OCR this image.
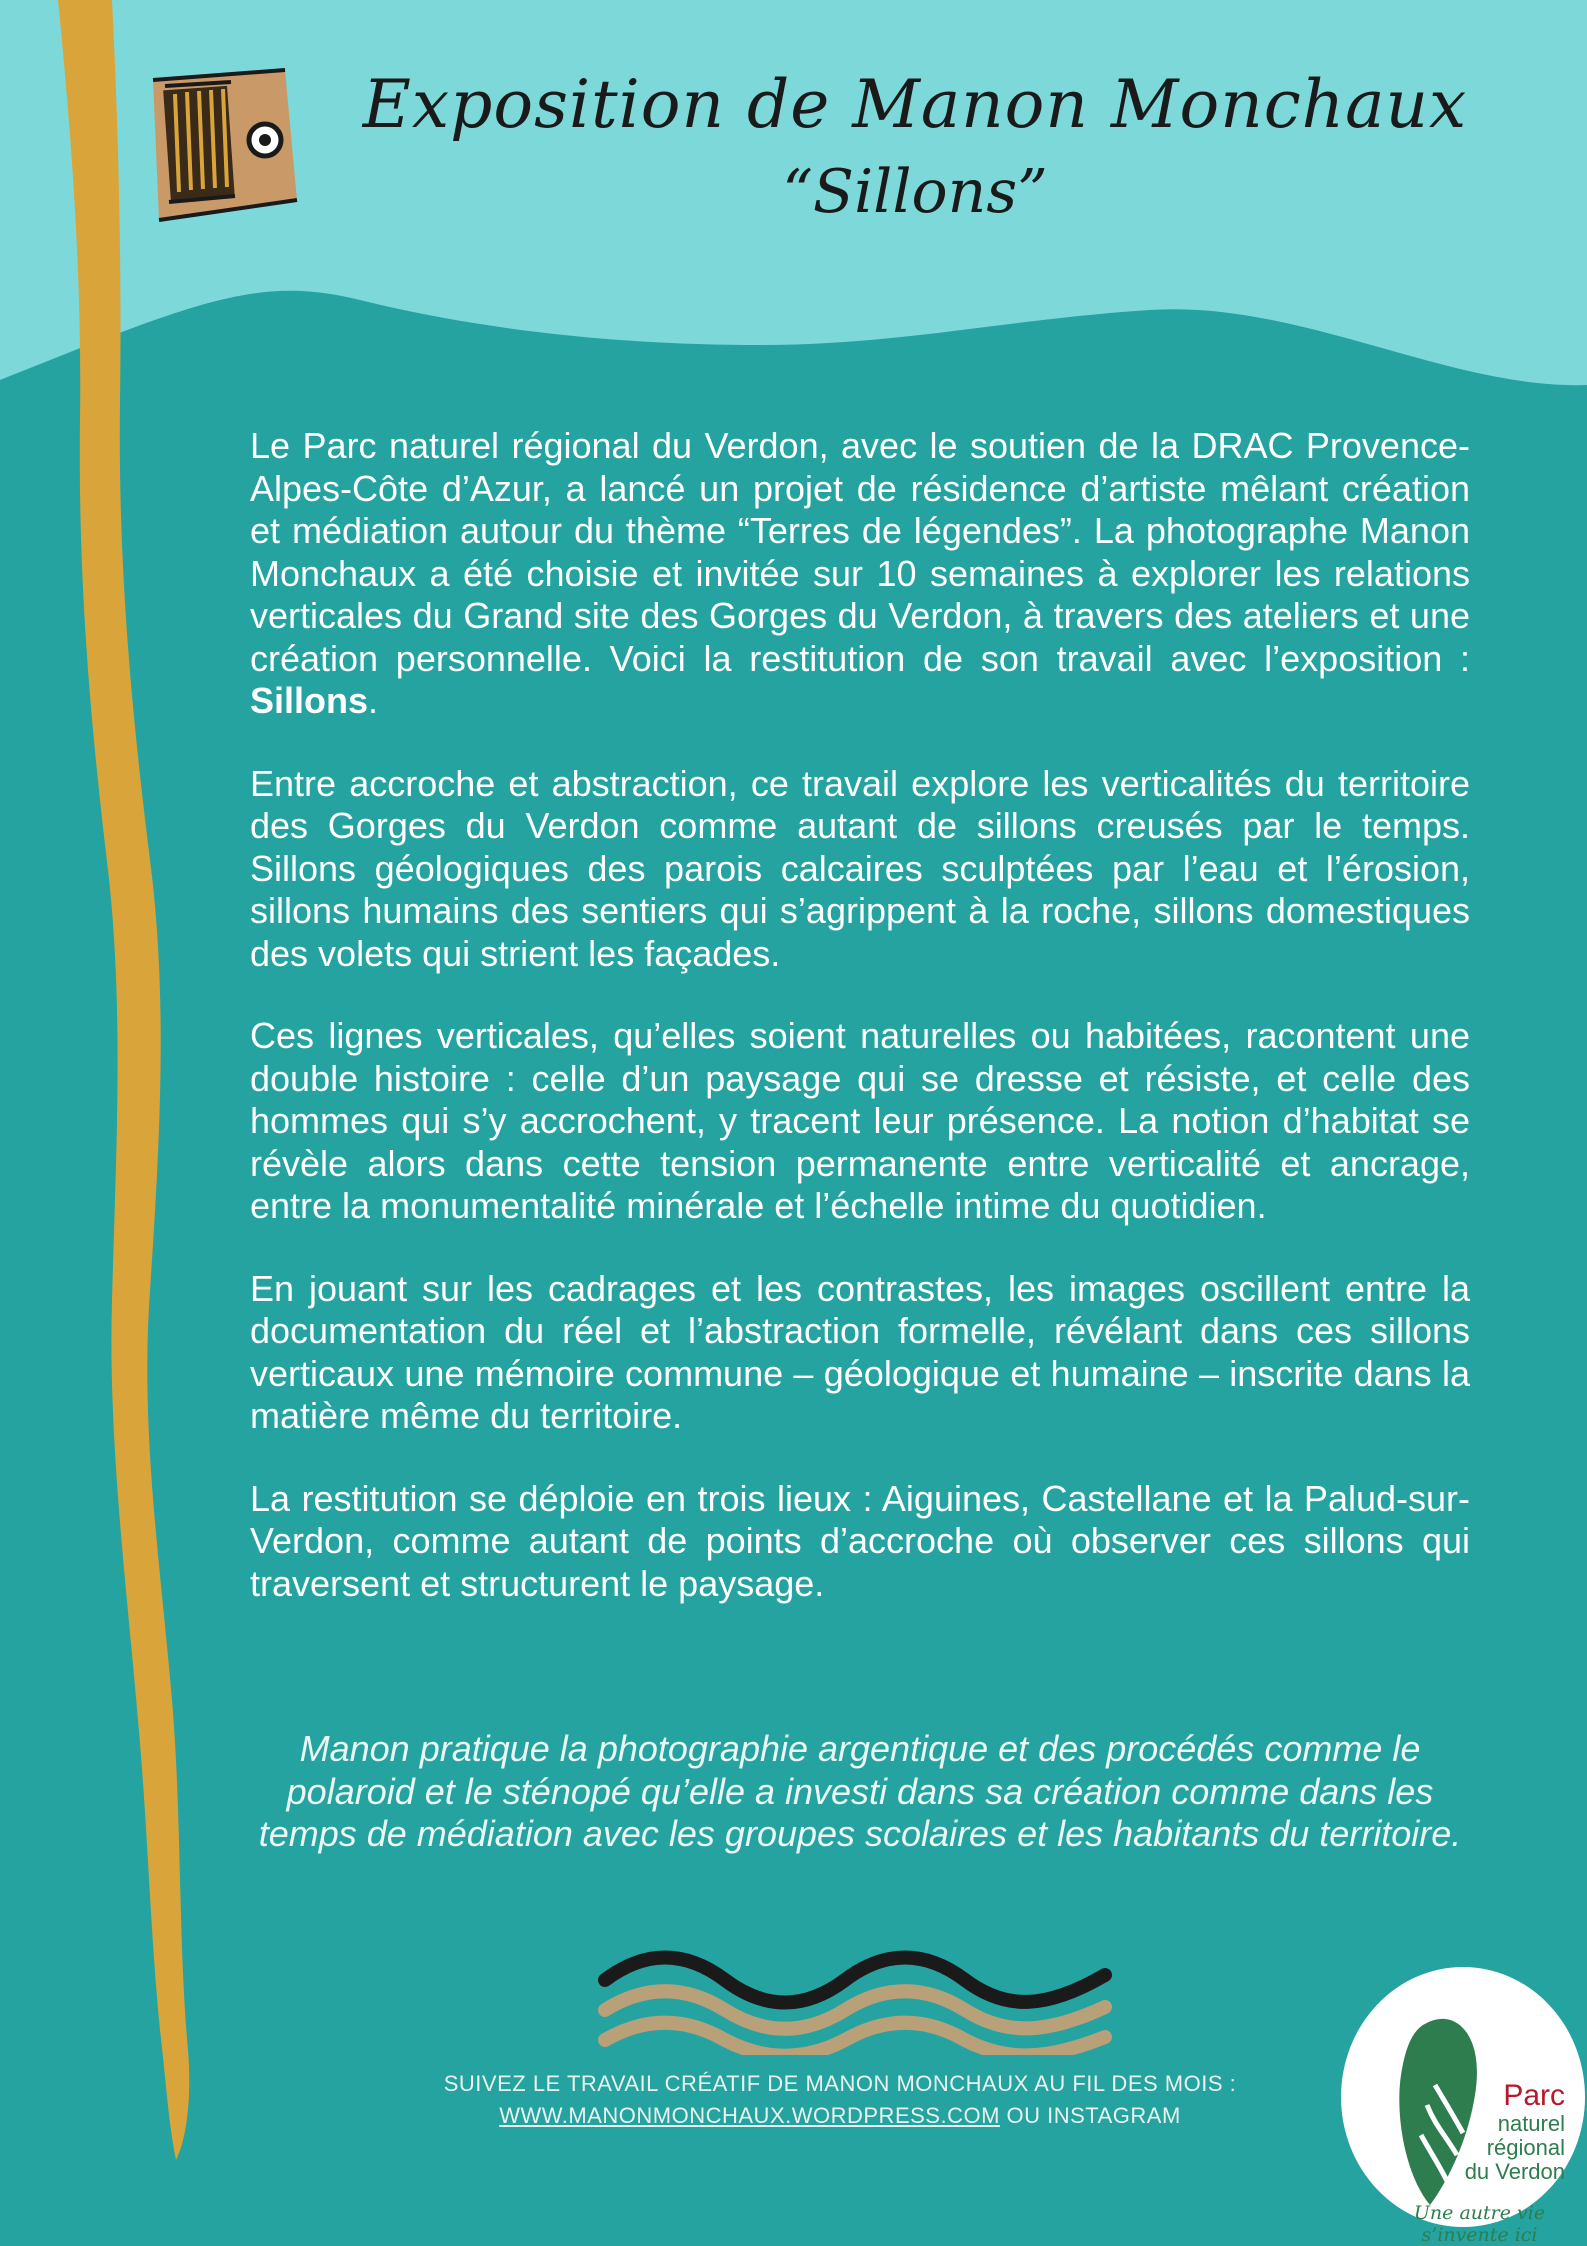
Exposition de Manon Monchaux
“Sillons”

Le Parc naturel régional du Verdon, avec le soutien de la DRAC Provence-Alpes-Côte d’Azur, a lancé un projet de résidence d’artiste mêlant création et médiation autour du thème “Terres de légendes”. La photographe Manon Monchaux a été choisie et invitée sur 10 semaines à explorer les relations verticales du Grand site des Gorges du Verdon, à travers des ateliers et une création personnelle. Voici la restitution de son travail avec l’exposition : Sillons.

Entre accroche et abstraction, ce travail explore les verticalités du territoire des Gorges du Verdon comme autant de sillons creusés par le temps. Sillons géologiques des parois calcaires sculptées par l’eau et l’érosion, sillons humains des sentiers qui s’agrippent à la roche, sillons domestiques des volets qui strient les façades.

Ces lignes verticales, qu’elles soient naturelles ou habitées, racontent une double histoire : celle d’un paysage qui se dresse et résiste, et celle des hommes qui s’y accrochent, y tracent leur présence. La notion d’habitat se révèle alors dans cette tension permanente entre verticalité et ancrage, entre la monumentalité minérale et l’échelle intime du quotidien.

En jouant sur les cadrages et les contrastes, les images oscillent entre la documentation du réel et l’abstraction formelle, révélant dans ces sillons verticaux une mémoire commune – géologique et humaine – inscrite dans la matière même du territoire.

La restitution se déploie en trois lieux : Aiguines, Castellane et la Palud-sur-Verdon, comme autant de points d’accroche où observer ces sillons qui traversent et structurent le paysage.

Manon pratique la photographie argentique et des procédés comme le polaroid et le sténopé qu’elle a investi dans sa création comme dans les temps de médiation avec les groupes scolaires et les habitants du territoire.
SUIVEZ LE TRAVAIL CRÉATIF DE MANON MONCHAUX AU FIL DES MOIS :
WWW.MANONMONCHAUX.WORDPRESS.COM OU INSTAGRAM
✱
Parc
naturel
régional
du Verdon
Une autre vie s’invente ici
